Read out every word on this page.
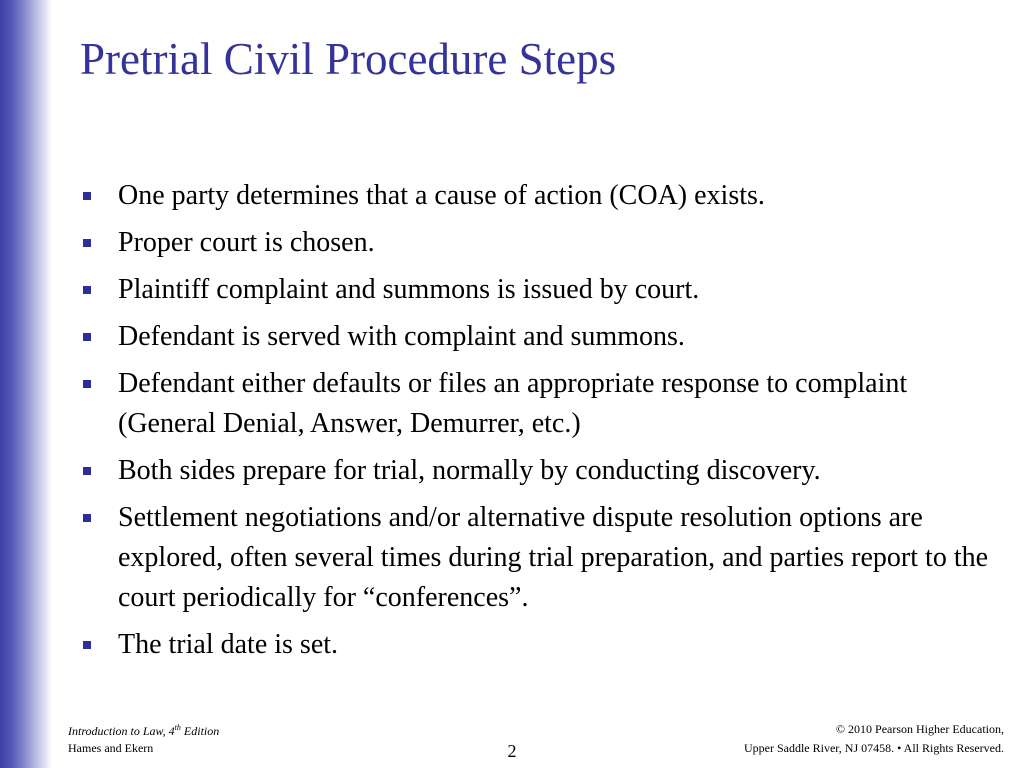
Pretrial Civil Procedure Steps
One party determines that a cause of action (COA) exists.
Proper court is chosen.
Plaintiff complaint and summons is issued by court.
Defendant is served with complaint and summons.
Defendant either defaults or files an appropriate response to complaint (General Denial, Answer, Demurrer, etc.)
Both sides prepare for trial, normally by conducting discovery.
Settlement negotiations and/or alternative dispute resolution options are explored, often several times during trial preparation, and parties report to the court periodically for “conferences”.
The trial date is set.
Introduction to Law, 4th Edition
Hames and Ekern	2
© 2010 Pearson Higher Education,
Upper Saddle River, NJ 07458. • All Rights Reserved.
